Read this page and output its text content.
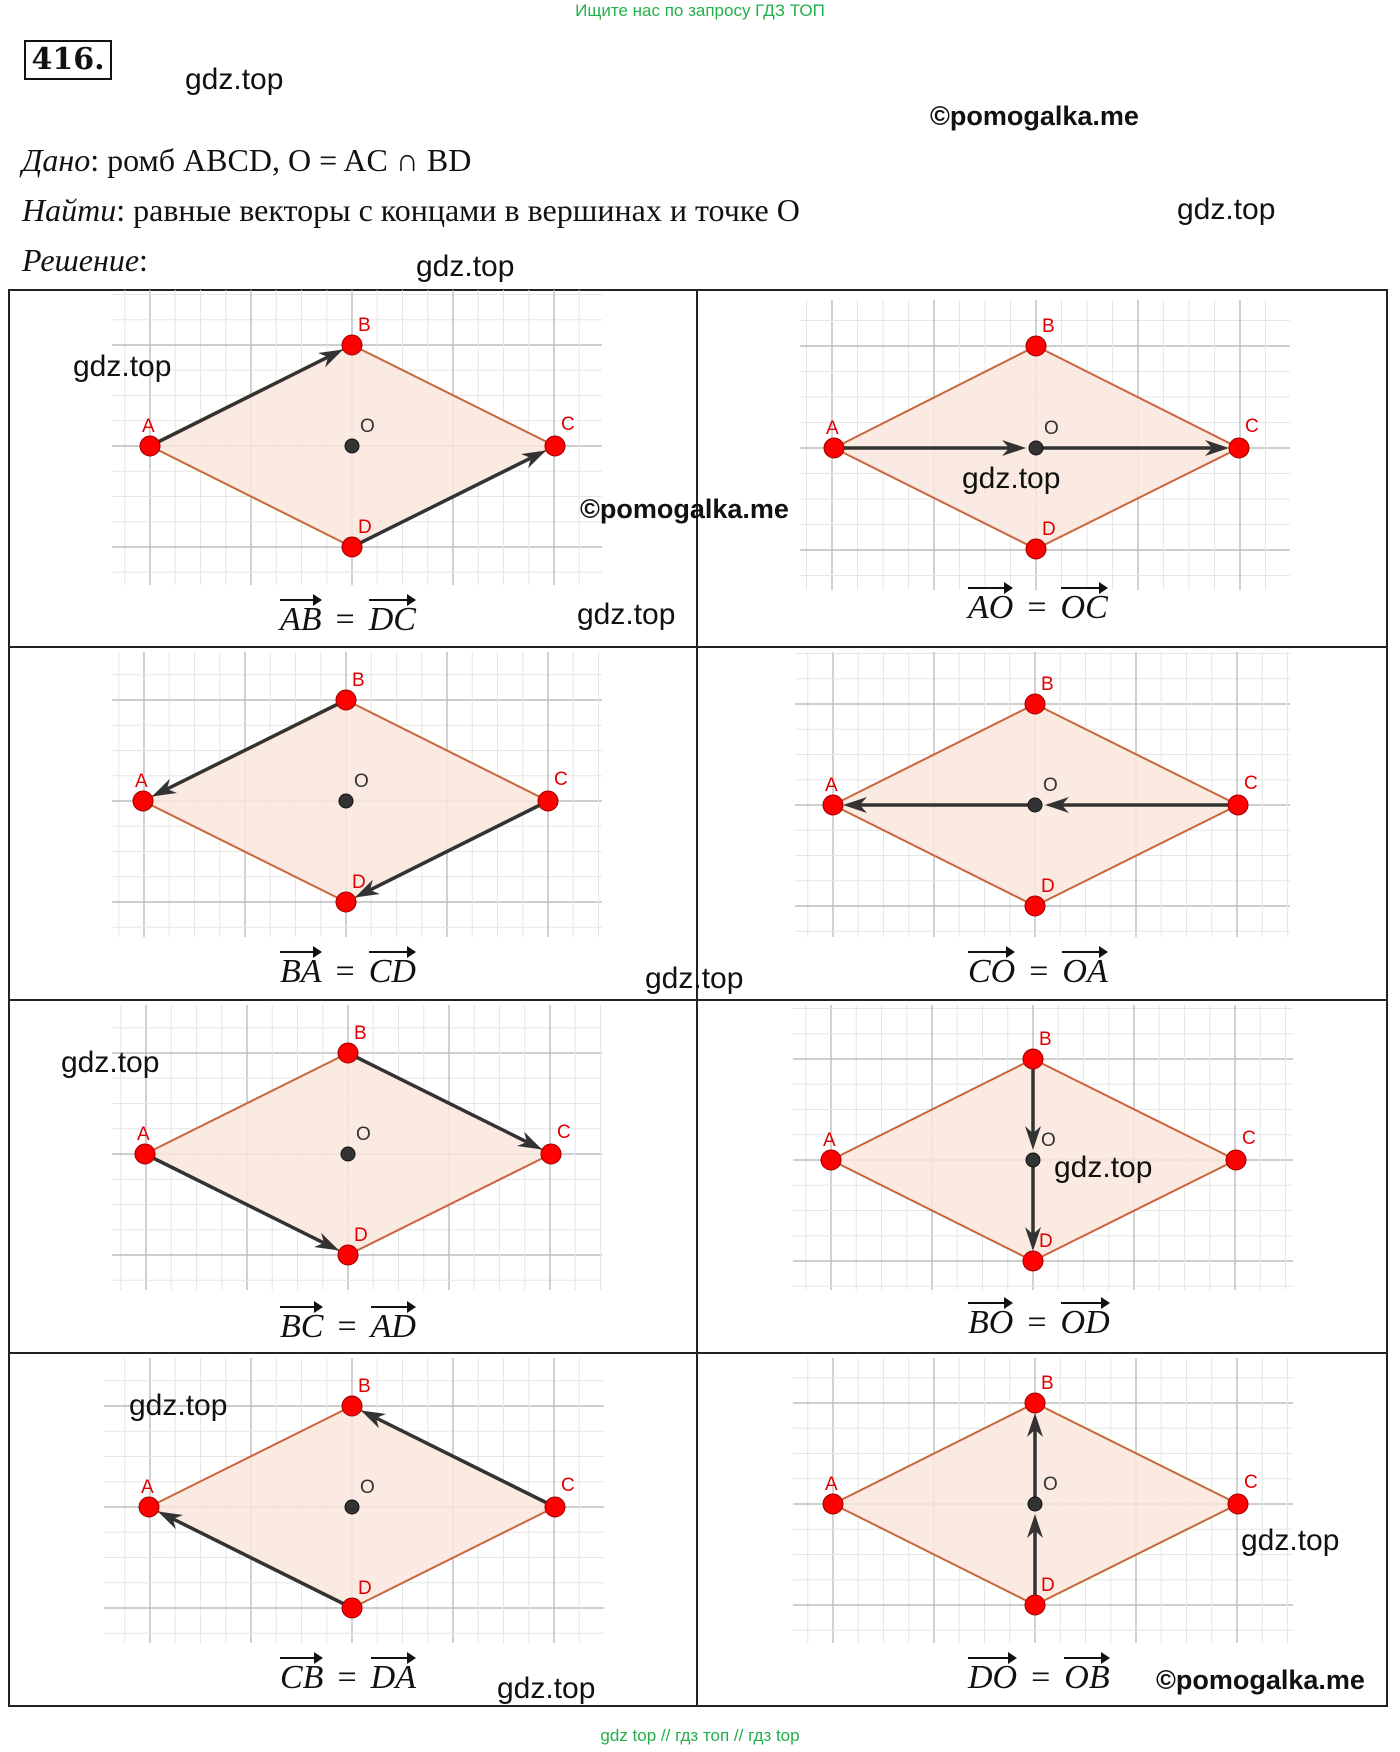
Ищите нас по запросу ГДЗ ТОП
416.
gdz.top
©pomogalka.me
Дано: ромб ABCD, O = AC ∩ BD
Найти: равные векторы с концами в вершинах и точке O	gdz.top
Решение:	gdz.top
A
B
C
D
O	A
B
C
D
O
A
B
C
D
O	A
B
C
D
O
A
B
C
D
O	A
B
C
D
O
A
B
C
D
O	A
B
C
D
O
AB = DC	AO = OC
BA = CD	CO = OA
BC = AD	BO = OD
CB = DA	DO = OB
gdz.top
©pomogalka.me
gdz.top
gdz.top
gdz.top
gdz.top
gdz.top
gdz.top
gdz.top
gdz.top	©pomogalka.me
gdz top // гдз топ // гдз top
